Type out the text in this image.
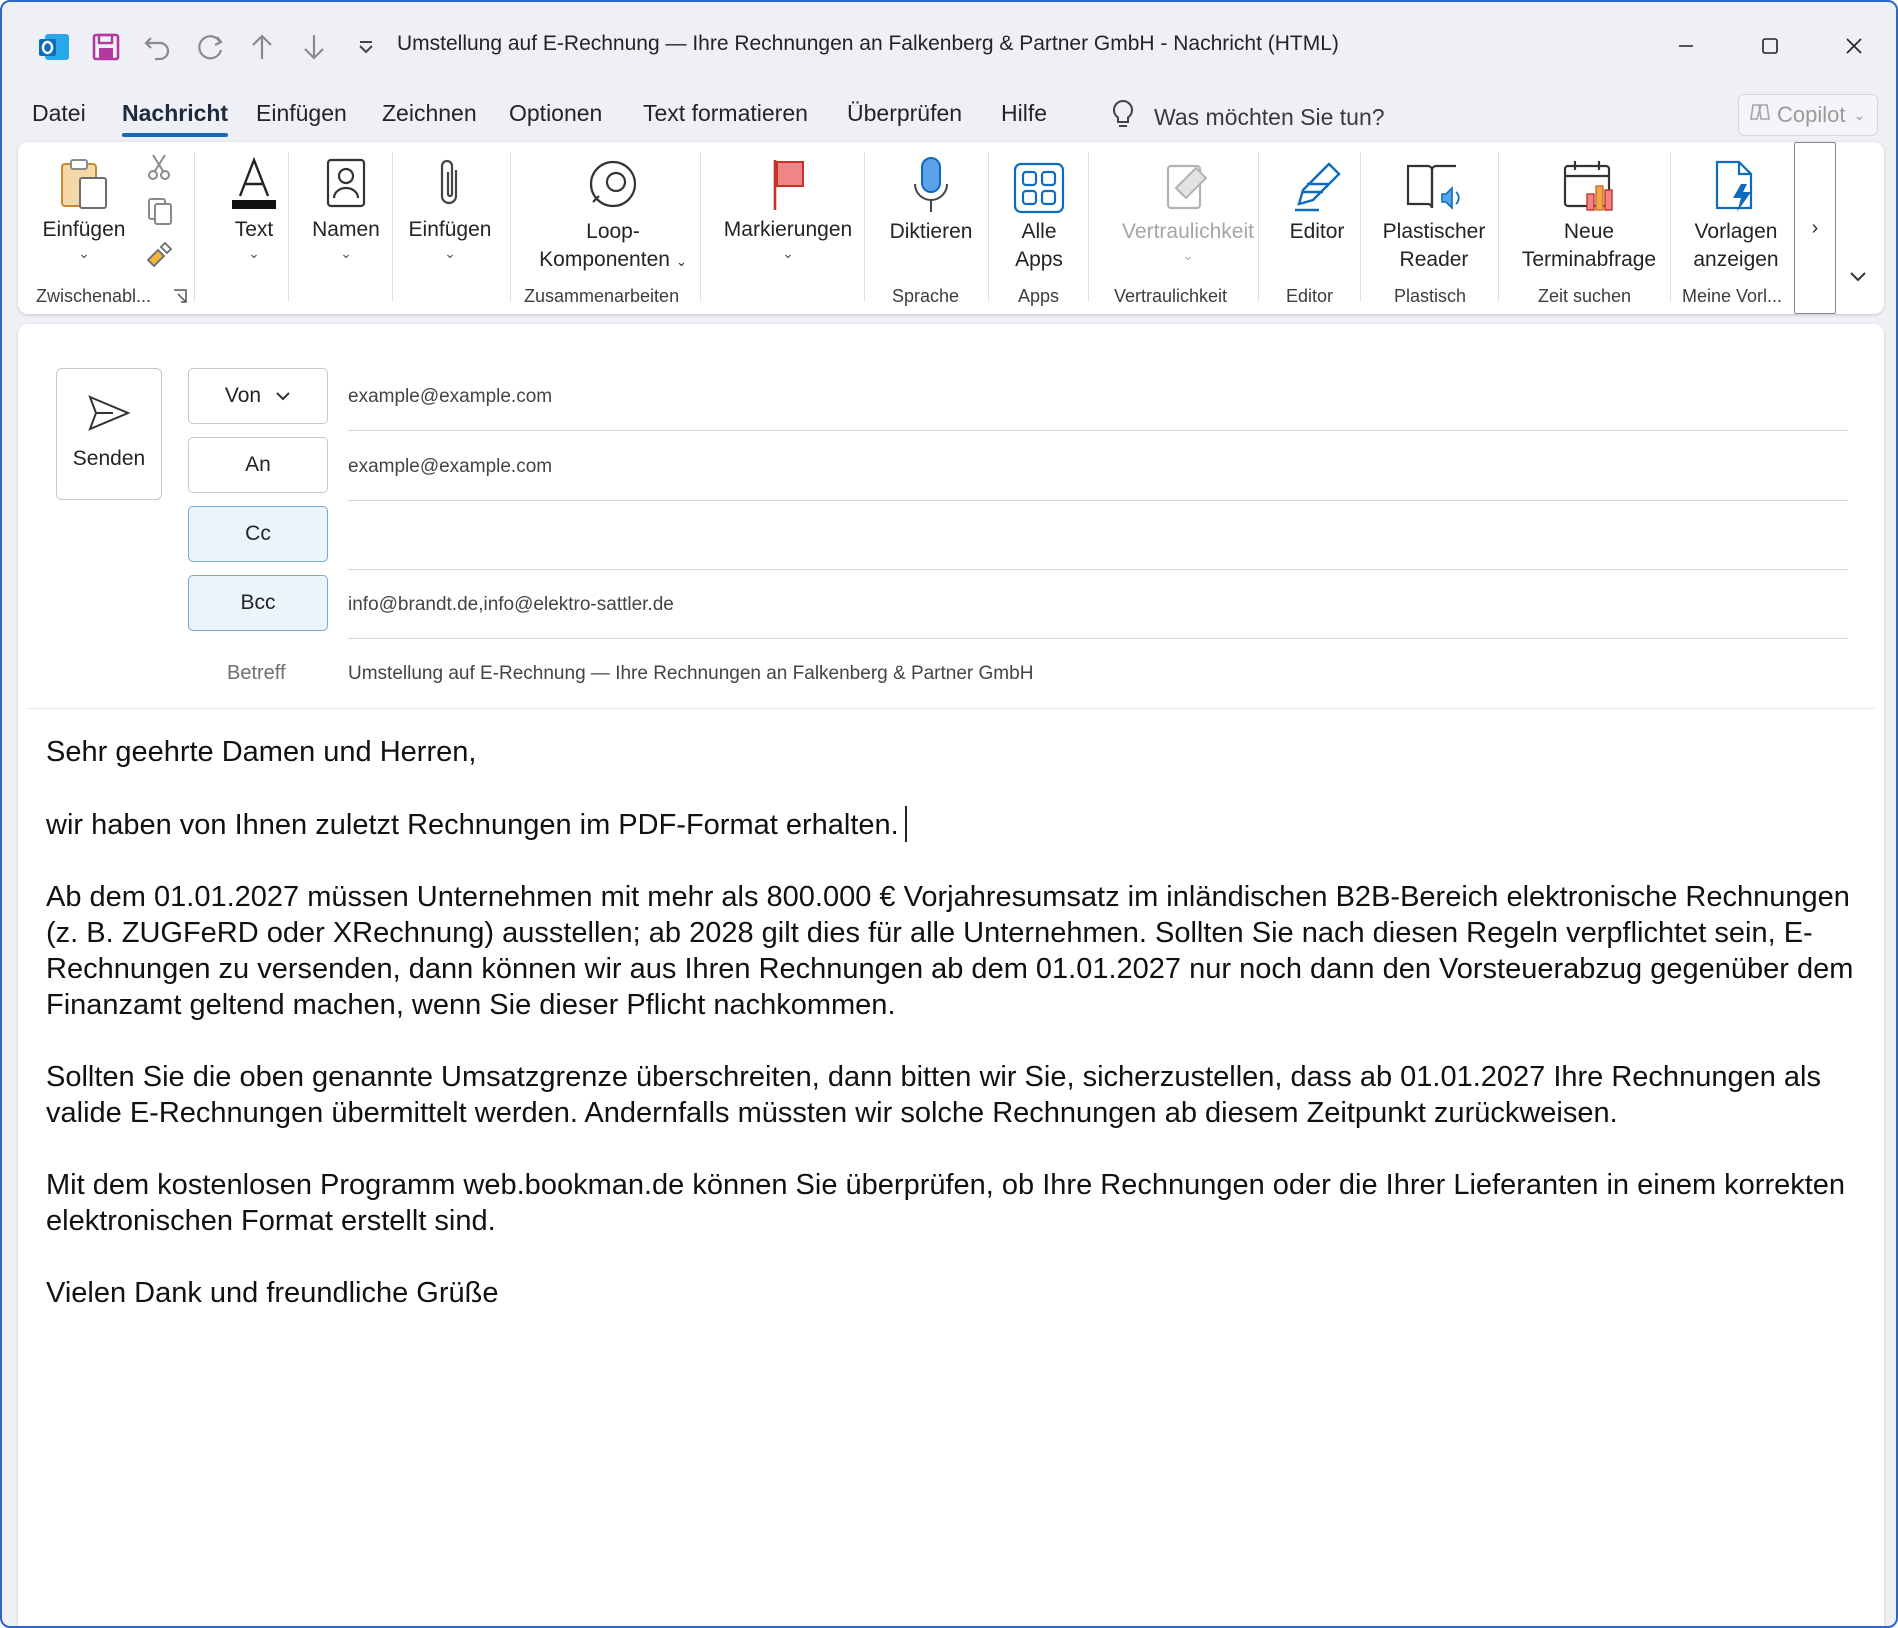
Umstellung auf E-Rechnung — Ihre Rechnungen an Falkenberg & Partner GmbH - Nachricht (HTML)
Datei Nachricht Einfügen Zeichnen Optionen Text formatieren Überprüfen Hilfe	Was möchten Sie tun?	Copilot ⌄
Einfügen
⌄
Zwischenabl...
Text
⌄
Namen
⌄
Einfügen
⌄
Loop-
Komponenten ⌄
Zusammenarbeiten
Markierungen
⌄
Diktieren
Sprache
Alle
Apps
Apps
Vertraulichkeit
⌄
Vertraulichkeit
Editor
Editor
Plastischer
Reader
Plastisch
Neue
Terminabfrage
Zeit suchen
Vorlagen
anzeigen
Meine Vorl...
›
Senden
Von	example@example.com
An	example@example.com
Cc
Bcc	info@brandt.de,info@elektro-sattler.de
Betreff	Umstellung auf E-Rechnung — Ihre Rechnungen an Falkenberg & Partner GmbH

Sehr geehrte Damen und Herren,

wir haben von Ihnen zuletzt Rechnungen im PDF-Format erhalten.

Ab dem 01.01.2027 müssen Unternehmen mit mehr als 800.000 € Vorjahresumsatz im inländischen B2B-Bereich elektronische Rechnungen (z. B. ZUGFeRD oder XRechnung) ausstellen; ab 2028 gilt dies für alle Unternehmen. Sollten Sie nach diesen Regeln verpflichtet sein, E-Rechnungen zu versenden, dann können wir aus Ihren Rechnungen ab dem 01.01.2027 nur noch dann den Vorsteuerabzug gegenüber dem Finanzamt geltend machen, wenn Sie dieser Pflicht nachkommen.

Sollten Sie die oben genannte Umsatzgrenze überschreiten, dann bitten wir Sie, sicherzustellen, dass ab 01.01.2027 Ihre Rechnungen als valide E-Rechnungen übermittelt werden. Andernfalls müssten wir solche Rechnungen ab diesem Zeitpunkt zurückweisen.

Mit dem kostenlosen Programm web.bookman.de können Sie überprüfen, ob Ihre Rechnungen oder die Ihrer Lieferanten in einem korrekten elektronischen Format erstellt sind.

Vielen Dank und freundliche Grüße
